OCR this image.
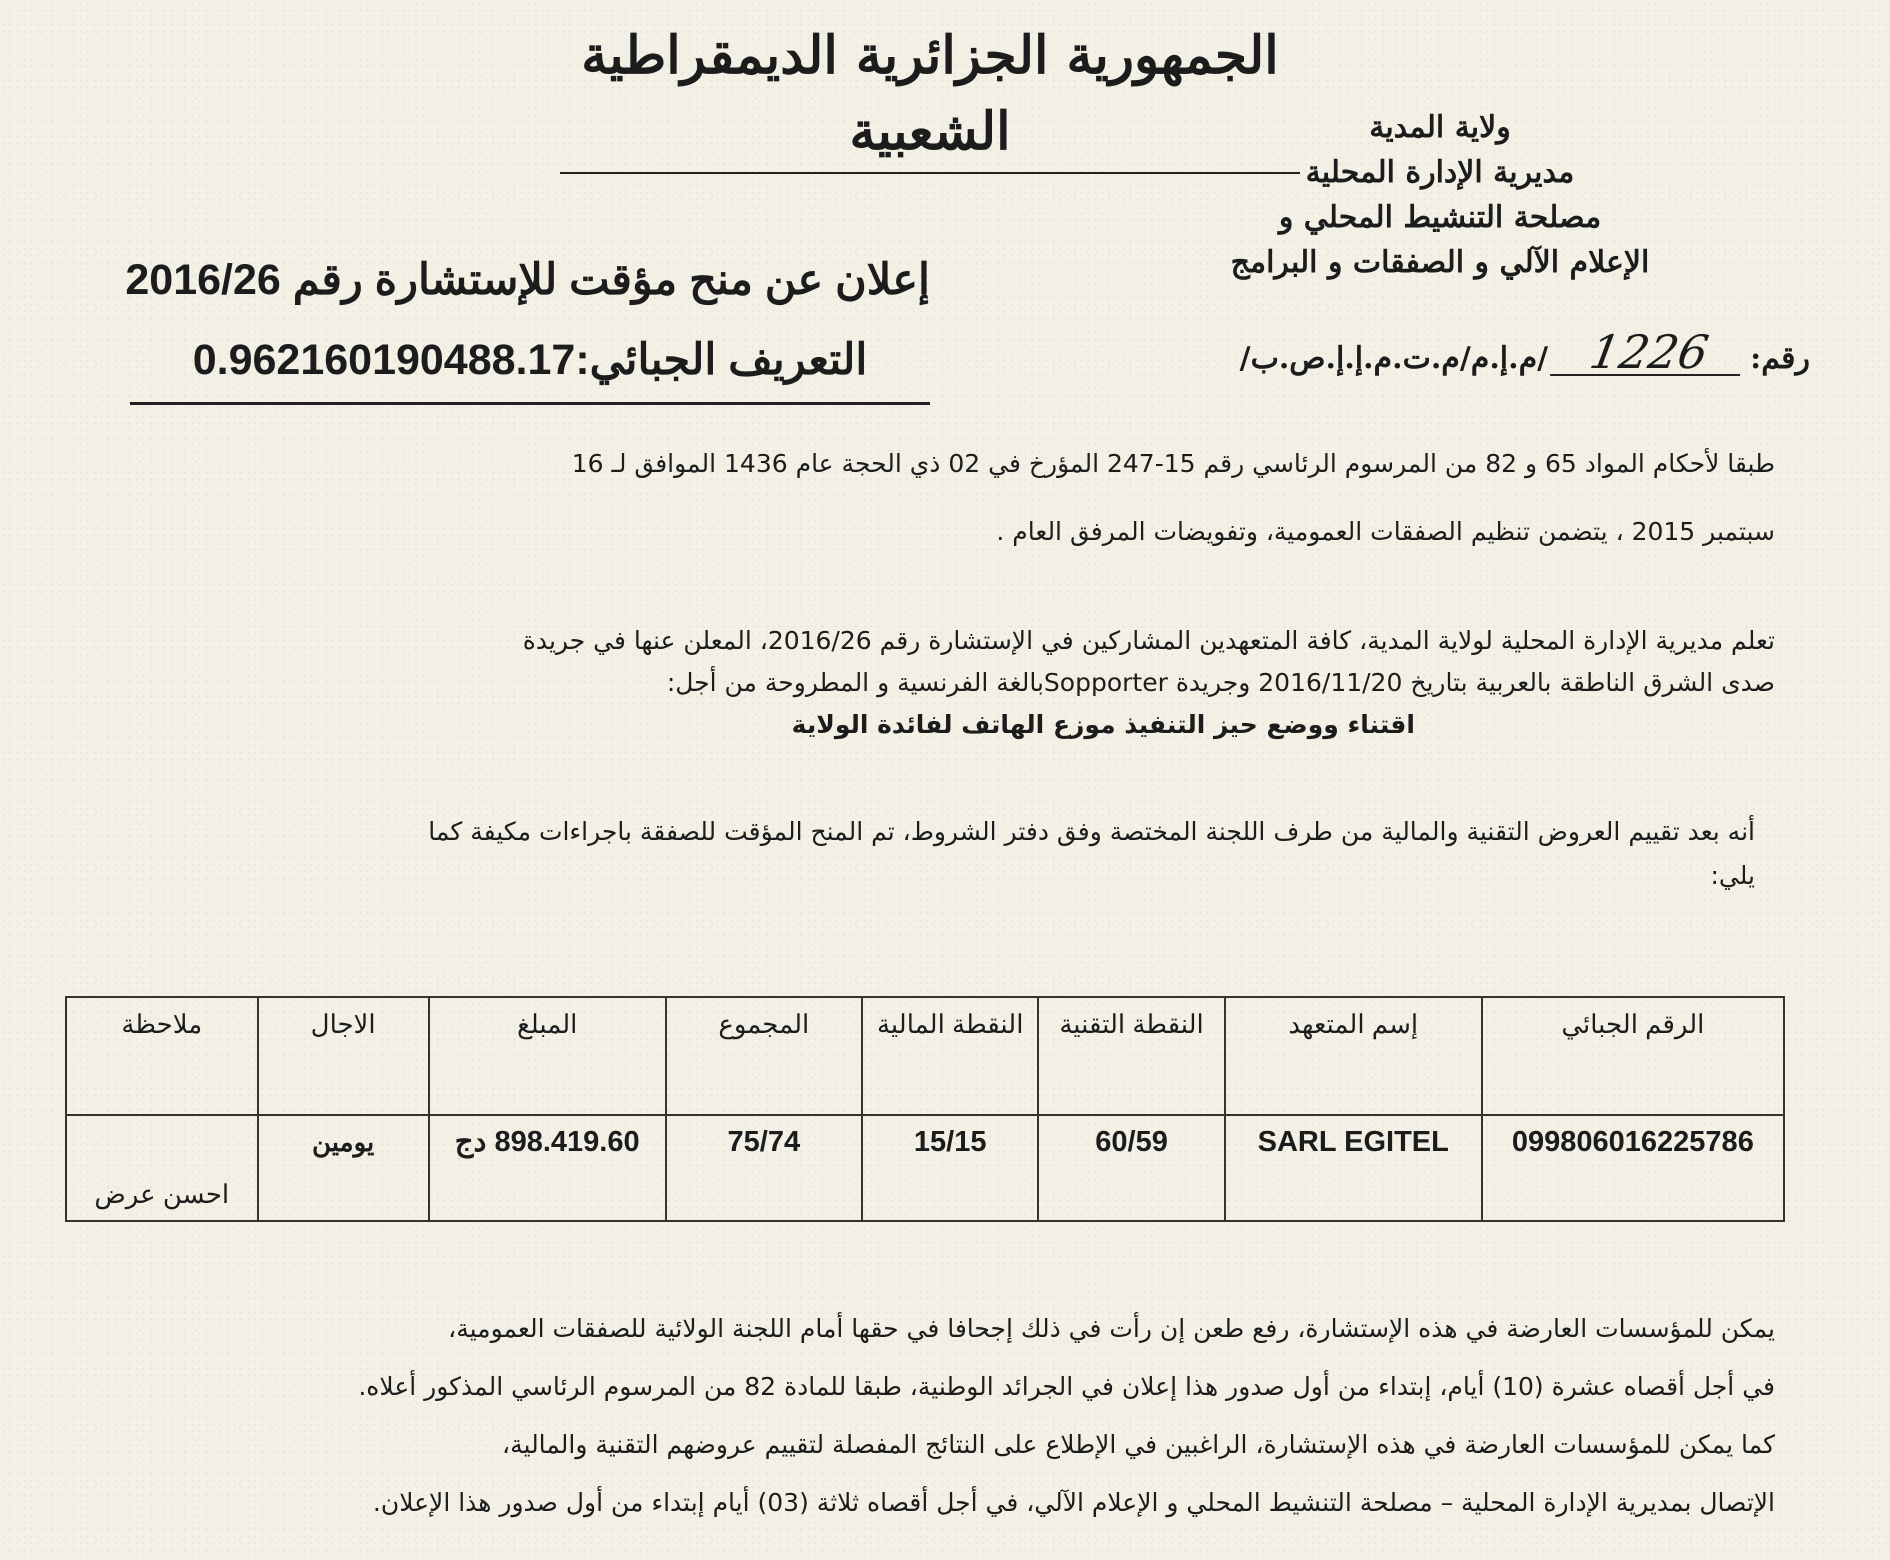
الجمهورية الجزائرية الديمقراطية الشعبية	ولاية المدية
مديرية الإدارة المحلية
مصلحة التنشيط المحلي و
الإعلام الآلي و الصفقات و البرامج
رقم:
1226
/م.إ.م/م.ت.م.إ.إ.ص.ب/
إعلان عن منح مؤقت للإستشارة رقم 2016/26
التعريف الجبائي:0.962160190488.17
طبقا لأحكام المواد 65 و 82 من المرسوم الرئاسي رقم 15-247 المؤرخ في 02 ذي الحجة عام 1436 الموافق لـ 16
سبتمبر 2015 ، يتضمن تنظيم الصفقات العمومية، وتفويضات المرفق العام .
تعلم مديرية الإدارة المحلية لولاية المدية، كافة المتعهدين المشاركين في الإستشارة رقم 2016/26، المعلن عنها في جريدة
صدى الشرق الناطقة بالعربية بتاريخ 2016/11/20 وجريدة Sopporterبالغة الفرنسية و المطروحة من أجل:
اقتناء ووضع حيز التنفيذ موزع الهاتف لفائدة الولاية
أنه بعد تقييم العروض التقنية والمالية من طرف اللجنة المختصة وفق دفتر الشروط، تم المنح المؤقت للصفقة باجراءات مكيفة كما
يلي:
الرقم الجبائي	إسم المتعهد	النقطة التقنية	النقطة المالية	المجموع	المبلغ	الاجال	ملاحظة
099806016225786	SARL EGITEL	60/59	15/15	75/74	898.419.60 دج	يومين	احسن عرض
يمكن للمؤسسات العارضة في هذه الإستشارة، رفع طعن إن رأت في ذلك إجحافا في حقها أمام اللجنة الولائية للصفقات العمومية،
في أجل أقصاه عشرة (10) أيام، إبتداء من أول صدور هذا إعلان في الجرائد الوطنية، طبقا للمادة 82 من المرسوم الرئاسي المذكور أعلاه.
كما يمكن للمؤسسات العارضة في هذه الإستشارة، الراغبين في الإطلاع على النتائج المفصلة لتقييم عروضهم التقنية والمالية،
الإتصال بمديرية الإدارة المحلية – مصلحة التنشيط المحلي و الإعلام الآلي، في أجل أقصاه ثلاثة (03) أيام إبتداء من أول صدور هذا الإعلان.
